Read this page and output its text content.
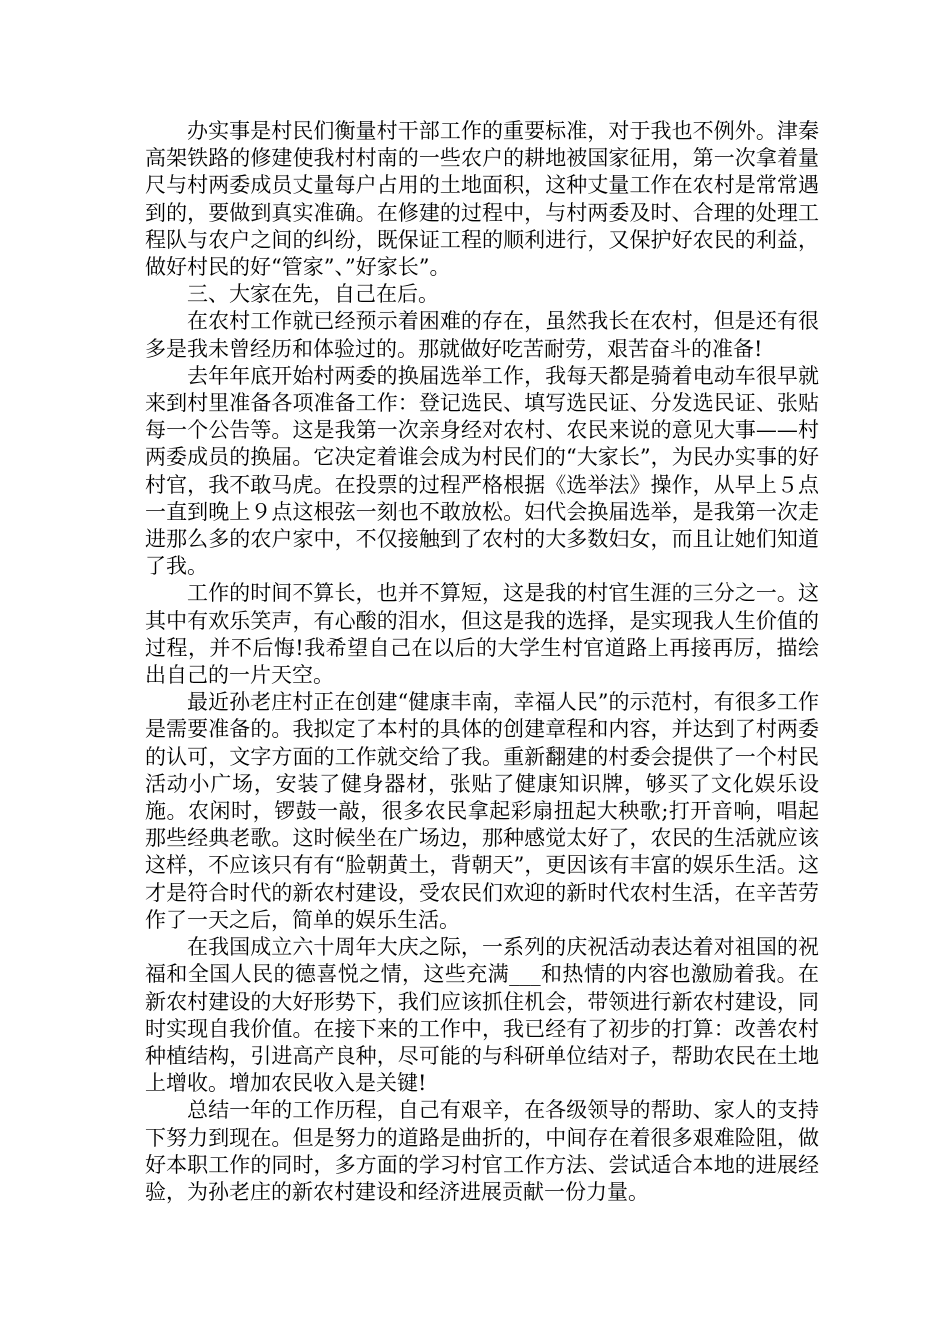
办实事是村民们衡量村干部工作的重要标准，对于我也不例外。津秦高架铁路的修建使我村村南的一些农户的耕地被国家征用，第一次拿着量尺与村两委成员丈量每户占用的土地面积，这种丈量工作在农村是常常遇到的，要做到真实准确。在修建的过程中，与村两委及时、合理的处理工程队与农户之间的纠纷，既保证工程的顺利进行，又保护好农民的利益，做好村民的好“管家”、”好家长”。

三、大家在先，自己在后。

在农村工作就已经预示着困难的存在，虽然我长在农村，但是还有很多是我未曾经历和体验过的。那就做好吃苦耐劳，艰苦奋斗的准备!

去年年底开始村两委的换届选举工作，我每天都是骑着电动车很早就来到村里准备各项准备工作：登记选民、填写选民证、分发选民证、张贴每一个公告等。这是我第一次亲身经对农村、农民来说的意见大事——村两委成员的换届。它决定着谁会成为村民们的“大家长”，为民办实事的好村官，我不敢马虎。在投票的过程严格根据《选举法》操作，从早上５点一直到晚上９点这根弦一刻也不敢放松。妇代会换届选举，是我第一次走进那么多的农户家中，不仅接触到了农村的大多数妇女，而且让她们知道了我。

工作的时间不算长，也并不算短，这是我的村官生涯的三分之一。这其中有欢乐笑声，有心酸的泪水，但这是我的选择，是实现我人生价值的过程，并不后悔!我希望自己在以后的大学生村官道路上再接再厉，描绘出自己的一片天空。

最近孙老庄村正在创建“健康丰南，幸福人民”的示范村，有很多工作是需要准备的。我拟定了本村的具体的创建章程和内容，并达到了村两委的认可，文字方面的工作就交给了我。重新翻建的村委会提供了一个村民活动小广场，安装了健身器材，张贴了健康知识牌，够买了文化娱乐设施。农闲时，锣鼓一敲，很多农民拿起彩扇扭起大秧歌;打开音响，唱起那些经典老歌。这时候坐在广场边，那种感觉太好了，农民的生活就应该这样，不应该只有有“脸朝黄土，背朝天”，更因该有丰富的娱乐生活。这才是符合时代的新农村建设，受农民们欢迎的新时代农村生活，在辛苦劳作了一天之后，简单的娱乐生活。

在我国成立六十周年大庆之际，一系列的庆祝活动表达着对祖国的祝福和全国人民的德喜悦之情，这些充满___和热情的内容也激励着我。在新农村建设的大好形势下，我们应该抓住机会，带领进行新农村建设，同时实现自我价值。在接下来的工作中，我已经有了初步的打算：改善农村种植结构，引进高产良种，尽可能的与科研单位结对子，帮助农民在土地上增收。增加农民收入是关键!

总结一年的工作历程，自己有艰辛，在各级领导的帮助、家人的支持下努力到现在。但是努力的道路是曲折的，中间存在着很多艰难险阻，做好本职工作的同时，多方面的学习村官工作方法、尝试适合本地的进展经验，为孙老庄的新农村建设和经济进展贡献一份力量。
